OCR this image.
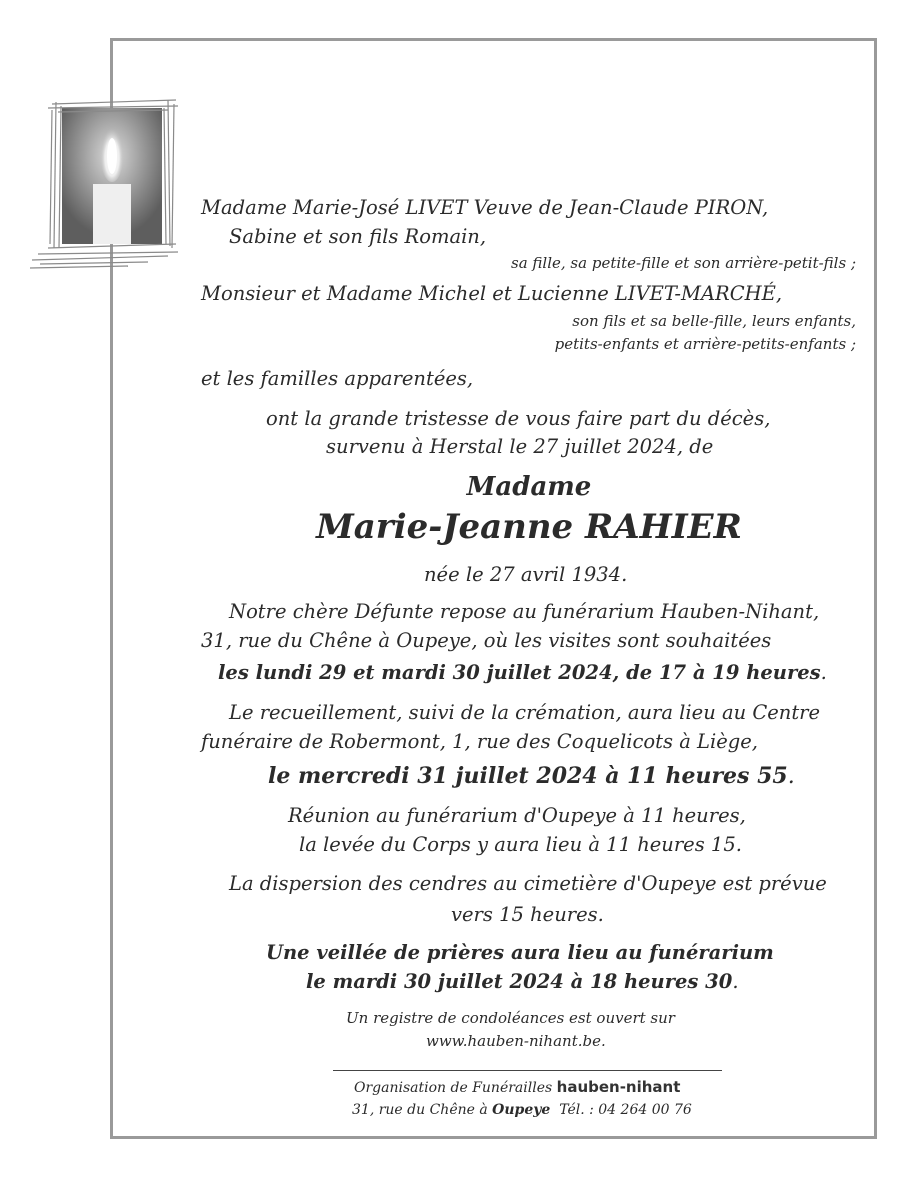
Madame Marie-José LIVET Veuve de Jean-Claude PIRON,
Sabine et son fils Romain,
sa fille, sa petite-fille et son arrière-petit-fils ;
Monsieur et Madame Michel et Lucienne LIVET-MARCHÉ,
son fils et sa belle-fille, leurs enfants,
petits-enfants et arrière-petits-enfants ;
et les familles apparentées,
ont la grande tristesse de vous faire part du décès,
survenu à Herstal le 27 juillet 2024, de
Madame
Marie-Jeanne RAHIER
née le 27 avril 1934.
Notre chère Défunte repose au funérarium Hauben-Nihant,
31, rue du Chêne à Oupeye, où les visites sont souhaitées
les lundi 29 et mardi 30 juillet 2024, de 17 à 19 heures.
Le recueillement, suivi de la crémation, aura lieu au Centre
funéraire de Robermont, 1, rue des Coquelicots à Liège,
le mercredi 31 juillet 2024 à 11 heures 55.
Réunion au funérarium d'Oupeye à 11 heures,
la levée du Corps y aura lieu à 11 heures 15.
La dispersion des cendres au cimetière d'Oupeye est prévue
vers 15 heures.
Une veillée de prières aura lieu au funérarium
le mardi 30 juillet 2024 à 18 heures 30.
Un registre de condoléances est ouvert sur
www.hauben-nihant.be.
Organisation de Funérailles hauben-nihant
31, rue du Chêne à Oupeye Tél. : 04 264 00 76
